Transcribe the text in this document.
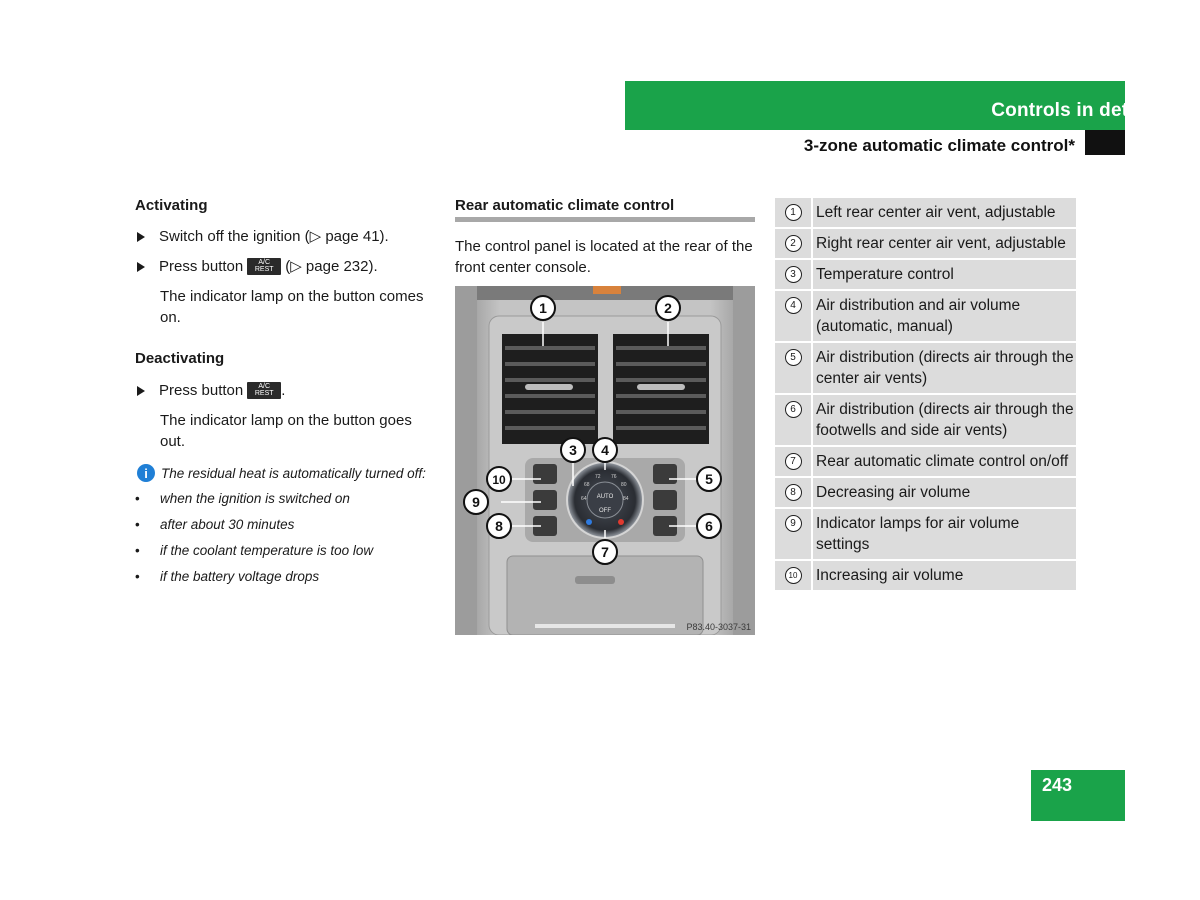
Controls in detail
3-zone automatic climate control*
Activating
Switch off the ignition (▷ page 41).
Press button	A/C
REST (▷ page 232).
The indicator lamp on the button comes on.
Deactivating
Press button	A/C
REST .
The indicator lamp on the button goes out.
i The residual heat is automatically turned off:
•	when the ignition is switched on
•	after about 30 minutes
•	if the coolant temperature is too low
•	if the battery voltage drops
Rear automatic climate control
The control panel is located at the rear of the front center console.
AUTO
OFF
64
68
72 76
80
84
1	2
3 4
5
6
7
8
9
10
P83.40-3037-31
1	Left rear center air vent, adjustable
2	Right rear center air vent, adjustable
3	Temperature control
4	Air distribution and air volume (automatic, manual)
5	Air distribution (directs air through the center air vents)
6	Air distribution (directs air through the footwells and side air vents)
7	Rear automatic climate control on/off
8	Decreasing air volume
9	Indicator lamps for air volume settings
10	Increasing air volume
243
